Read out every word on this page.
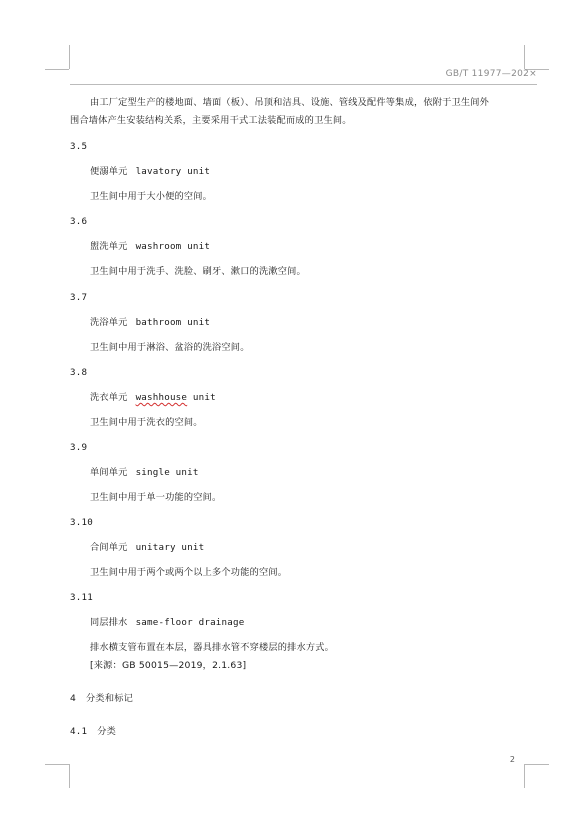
GB/T 11977—202×
由工厂定型生产的楼地面、墙面（板）、吊顶和洁具、设施、管线及配件等集成，依附于卫生间外
围合墙体产生安装结构关系，主要采用干式工法装配而成的卫生间。
3.5
便溺单元 lavatory unit
卫生间中用于大小便的空间。
3.6
盥洗单元 washroom unit
卫生间中用于洗手、洗脸、刷牙、漱口的洗漱空间。
3.7
洗浴单元 bathroom unit
卫生间中用于淋浴、盆浴的洗浴空间。
3.8
洗衣单元 washhouse unit
卫生间中用于洗衣的空间。
3.9
单间单元 single unit
卫生间中用于单一功能的空间。
3.10
合间单元 unitary unit
卫生间中用于两个或两个以上多个功能的空间。
3.11
同层排水 same-floor drainage
排水横支管布置在本层，器具排水管不穿楼层的排水方式。
[来源：GB 50015—2019，2.1.63]
4 分类和标记
4.1 分类
2
